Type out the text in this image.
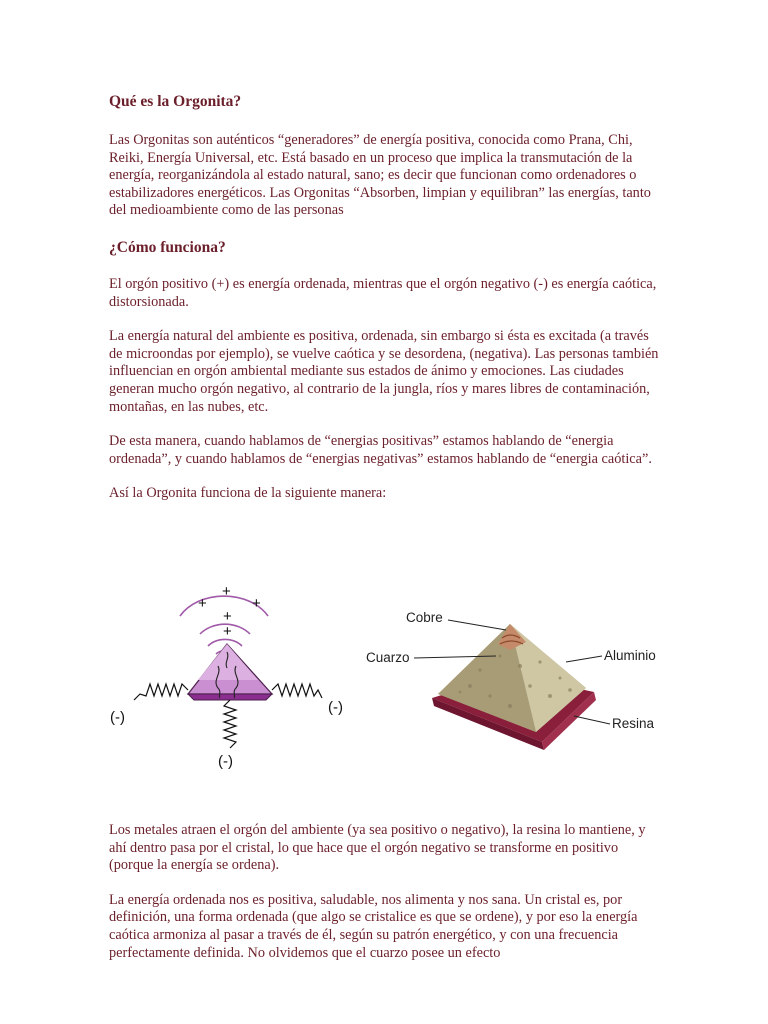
Qué es la Orgonita?

Las Orgonitas son auténticos “generadores” de energía positiva, conocida como Prana, Chi, Reiki, Energía Universal, etc. Está basado en un proceso que implica la transmutación de la energía, reorganizándola al estado natural, sano; es decir que funcionan como ordenadores o estabilizadores energéticos. Las Orgonitas “Absorben, limpian y equilibran” las energías, tanto del medioambiente como de las personas

¿Cómo funciona?

El orgón positivo (+) es energía ordenada, mientras que el orgón negativo (-) es energía caótica, distorsionada.

La energía natural del ambiente es positiva, ordenada, sin embargo si ésta es excitada (a través de microondas por ejemplo), se vuelve caótica y se desordena, (negativa). Las personas también influencian en orgón ambiental mediante sus estados de ánimo y emociones. Las ciudades generan mucho orgón negativo, al contrario de la jungla, ríos y mares libres de contaminación, montañas, en las nubes, etc.

De esta manera, cuando hablamos de “energias positivas” estamos hablando de “energia ordenada”, y cuando hablamos de “energias negativas” estamos hablando de “energia caótica”.

Así la Orgonita funciona de la siguiente manera:

+
+
+
+
+
(-)
(-)
(-)
Cobre
Cuarzo	Aluminio
Resina

Los metales atraen el orgón del ambiente (ya sea positivo o negativo), la resina lo mantiene, y ahí dentro pasa por el cristal, lo que hace que el orgón negativo se transforme en positivo (porque la energía se ordena).

La energía ordenada nos es positiva, saludable, nos alimenta y nos sana. Un cristal es, por definición, una forma ordenada (que algo se cristalice es que se ordene), y por eso la energía caótica armoniza al pasar a través de él, según su patrón energético, y con una frecuencia perfectamente definida. No olvidemos que el cuarzo posee un efecto
